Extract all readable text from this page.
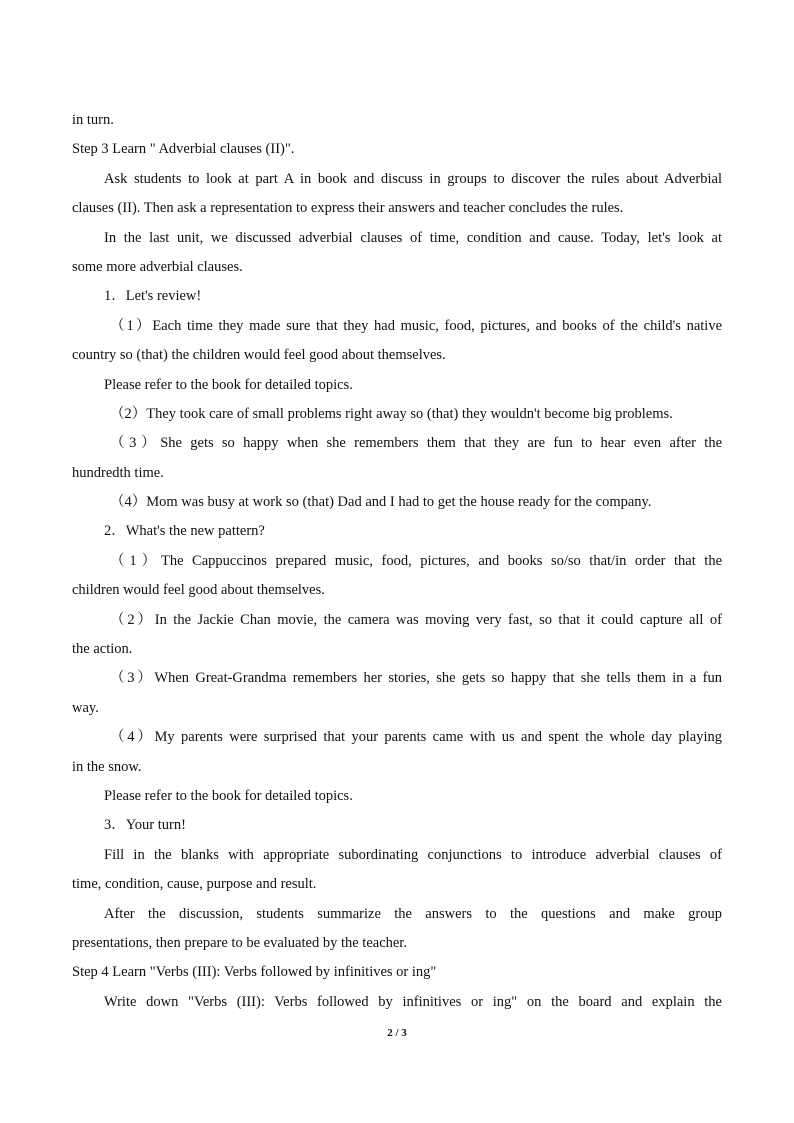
in turn.
Step 3 Learn " Adverbial clauses (II)".
Ask students to look at part A in book and discuss in groups to discover the rules about Adverbial
clauses (II). Then ask a representation to express their answers and teacher concludes the rules.
In the last unit, we discussed adverbial clauses of time, condition and cause. Today, let's look at
some more adverbial clauses.
1．Let's review!
（1）Each time they made sure that they had music, food, pictures, and books of the child's native
country so (that) the children would feel good about themselves.
Please refer to the book for detailed topics.
（2）They took care of small problems right away so (that) they wouldn't become big problems.
（3）She gets so happy when she remembers them that they are fun to hear even after the
hundredth time.
（4）Mom was busy at work so (that) Dad and I had to get the house ready for the company.
2．What's the new pattern?
（1）The Cappuccinos prepared music, food, pictures, and books so/so that/in order that the
children would feel good about themselves.
（2）In the Jackie Chan movie, the camera was moving very fast, so that it could capture all of
the action.
（3）When Great-Grandma remembers her stories, she gets so happy that she tells them in a fun
way.
（4）My parents were surprised that your parents came with us and spent the whole day playing
in the snow.
Please refer to the book for detailed topics.
3．Your turn!
Fill in the blanks with appropriate subordinating conjunctions to introduce adverbial clauses of
time, condition, cause, purpose and result.
After the discussion, students summarize the answers to the questions and make group
presentations, then prepare to be evaluated by the teacher.
Step 4 Learn "Verbs (III): Verbs followed by infinitives or ing"
Write down "Verbs (III): Verbs followed by infinitives or ing" on the board and explain the
2 / 3
